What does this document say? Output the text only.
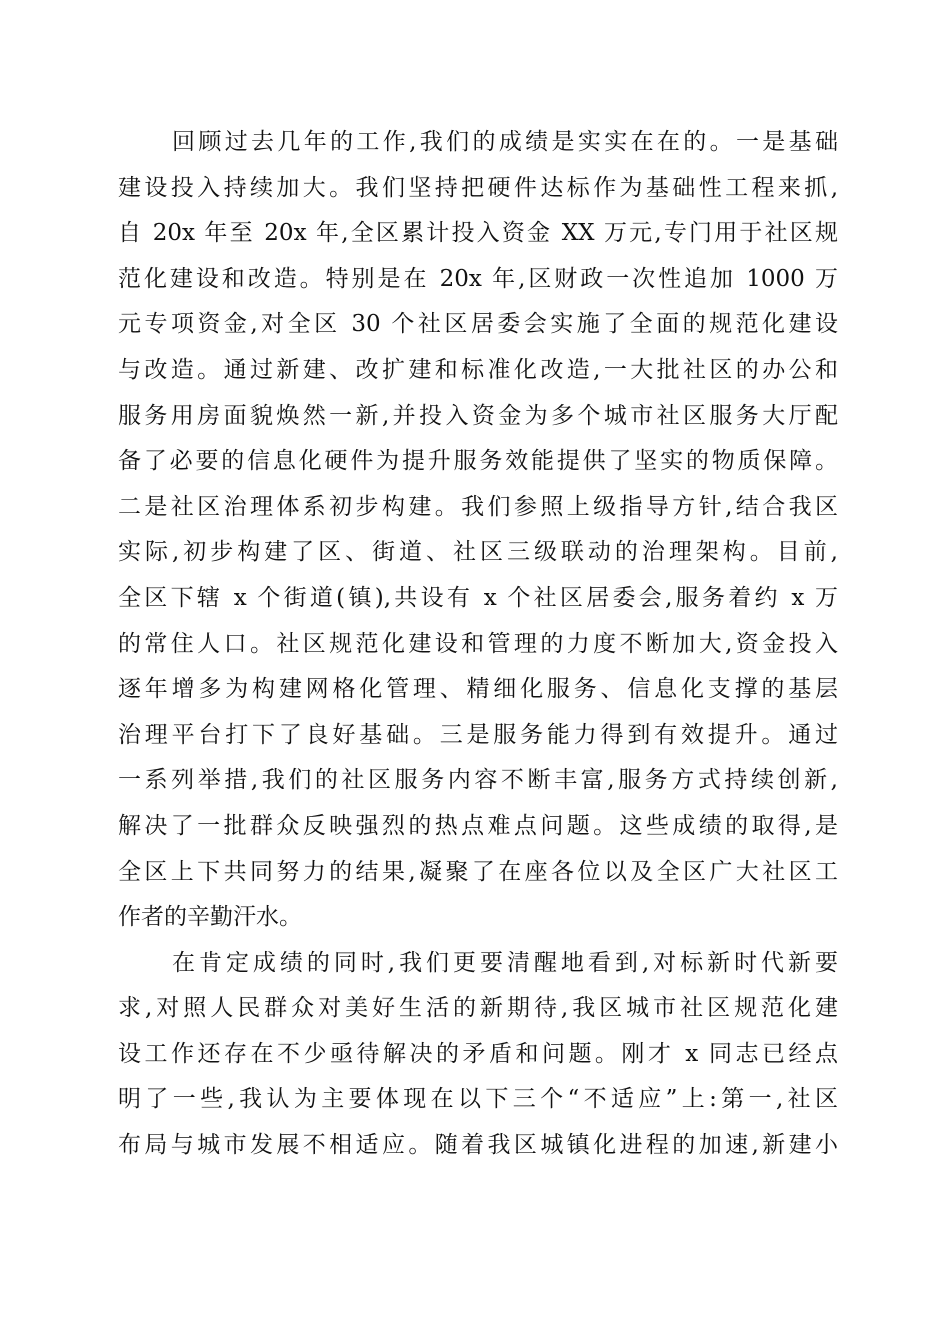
回顾过去几年的工作,我们的成绩是实实在在的。一是基础
建设投入持续加大。我们坚持把硬件达标作为基础性工程来抓,
自 20x 年至 20x 年,全区累计投入资金 XX 万元,专门用于社区规
范化建设和改造。特别是在 20x 年,区财政一次性追加 1000 万
元专项资金,对全区 30 个社区居委会实施了全面的规范化建设
与改造。通过新建、改扩建和标准化改造,一大批社区的办公和
服务用房面貌焕然一新,并投入资金为多个城市社区服务大厅配
备了必要的信息化硬件为提升服务效能提供了坚实的物质保障。
二是社区治理体系初步构建。我们参照上级指导方针,结合我区
实际,初步构建了区、街道、社区三级联动的治理架构。目前,
全区下辖 x 个街道(镇),共设有 x 个社区居委会,服务着约 x 万
的常住人口。社区规范化建设和管理的力度不断加大,资金投入
逐年增多为构建网格化管理、精细化服务、信息化支撑的基层
治理平台打下了良好基础。三是服务能力得到有效提升。通过
一系列举措,我们的社区服务内容不断丰富,服务方式持续创新,
解决了一批群众反映强烈的热点难点问题。这些成绩的取得,是
全区上下共同努力的结果,凝聚了在座各位以及全区广大社区工
作者的辛勤汗水。
在肯定成绩的同时,我们更要清醒地看到,对标新时代新要
求,对照人民群众对美好生活的新期待,我区城市社区规范化建
设工作还存在不少亟待解决的矛盾和问题。刚才 x 同志已经点
明了一些,我认为主要体现在以下三个“不适应”上:第一,社区
布局与城市发展不相适应。随着我区城镇化进程的加速,新建小
